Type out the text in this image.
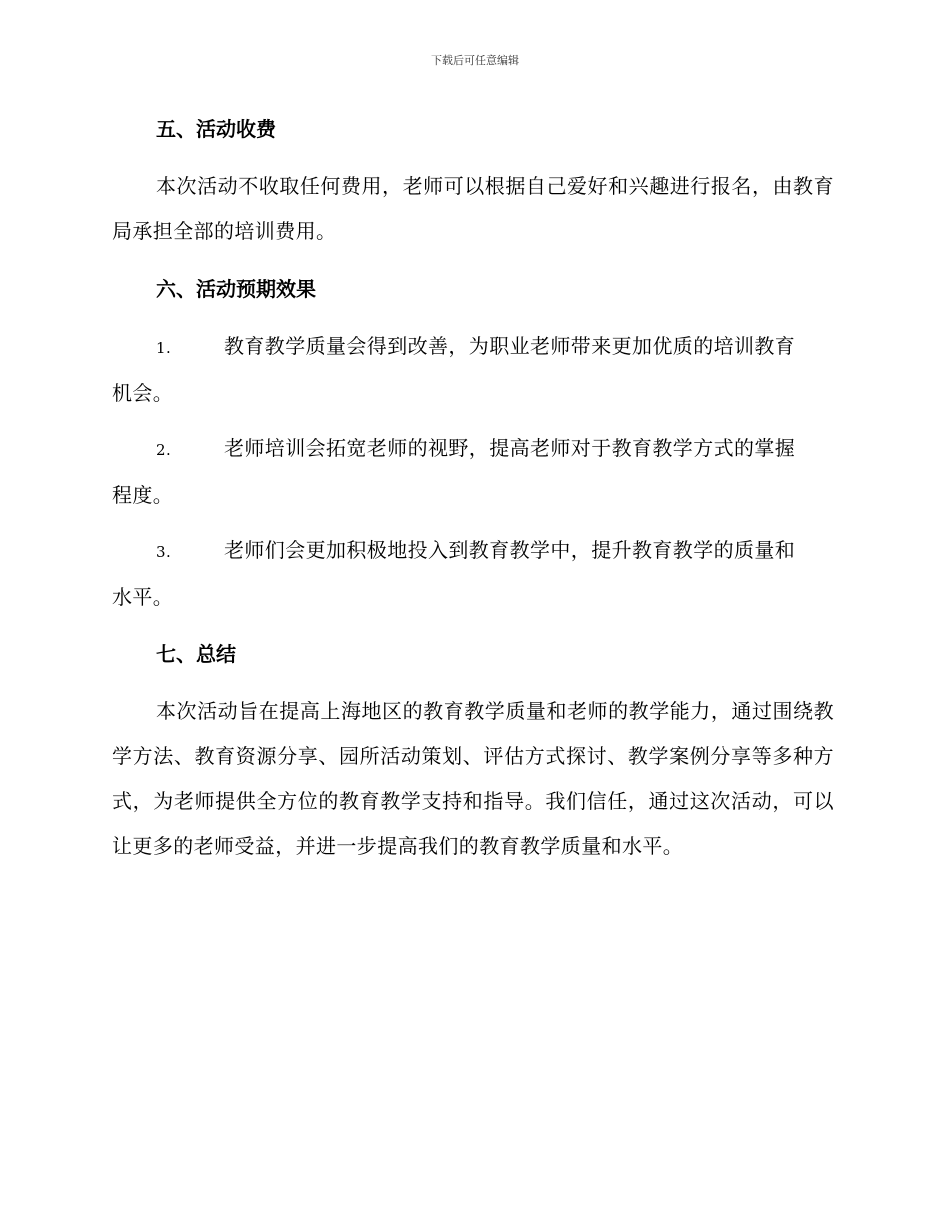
下载后可任意编辑
五、活动收费
本次活动不收取任何费用，老师可以根据自己爱好和兴趣进行报名，由教育局承担全部的培训费用。
六、活动预期效果
1.	教育教学质量会得到改善，为职业老师带来更加优质的培训教育
机会。
2.	老师培训会拓宽老师的视野，提高老师对于教育教学方式的掌握
程度。
3.	老师们会更加积极地投入到教育教学中，提升教育教学的质量和
水平。
七、总结
本次活动旨在提高上海地区的教育教学质量和老师的教学能力，通过围绕教学方法、教育资源分享、园所活动策划、评估方式探讨、教学案例分享等多种方式，为老师提供全方位的教育教学支持和指导。我们信任，通过这次活动，可以让更多的老师受益，并进一步提高我们的教育教学质量和水平。
